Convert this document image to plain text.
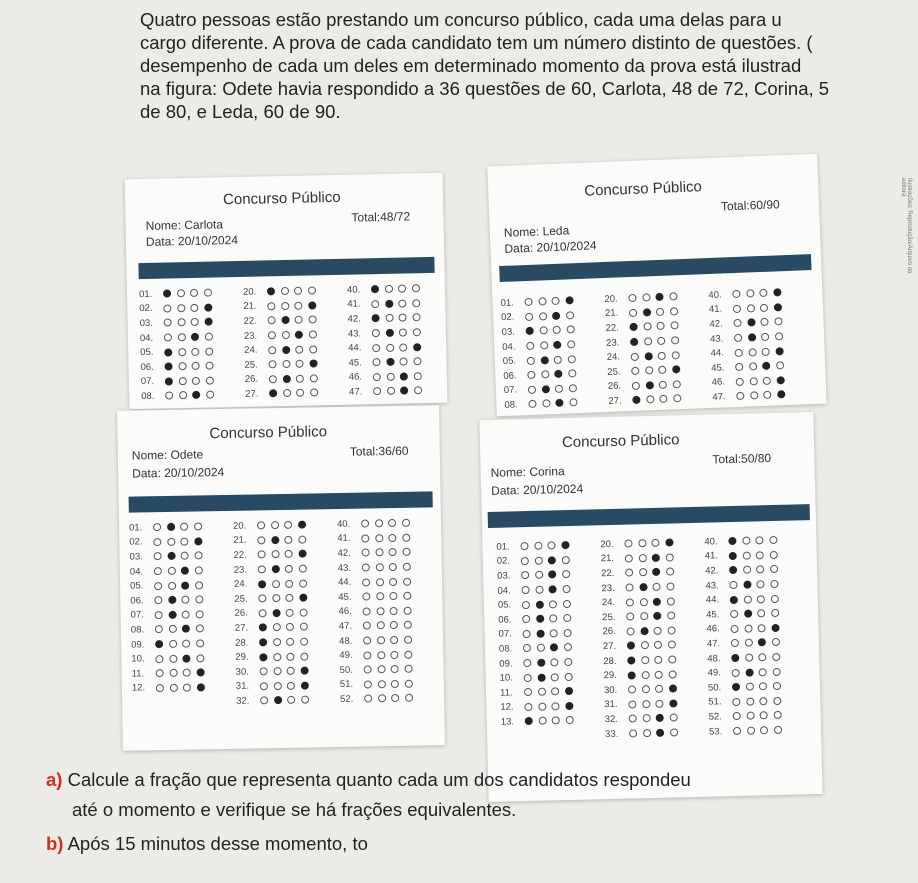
Quatro pessoas estão prestando um concurso público, cada uma delas para u

cargo diferente. A prova de cada candidato tem um número distinto de questões. (

desempenho de cada um deles em determinado momento da prova está ilustrad

na figura: Odete havia respondido a 36 questões de 60, Carlota, 48 de 72, Corina, 5

de 80, e Leda, 60 de 90.

Ilustrações: Reprodução/Arquivo da editora
Concurso Público
Nome: Carlota
Total:48/72
Data: 20/10/2024
01.
02.
03.
04.
05.
06.
07.
08.
20.
21.
22.
23.
24.
25.
26.
27.
40.
41.
42.
43.
44.
45.
46.
47.
Concurso Público
Total:60/90
Nome: Leda
Data: 20/10/2024
01.
02.
03.
04.
05.
06.
07.
08.
20.
21.
22.
23.
24.
25.
26.
27.
40.
41.
42.
43.
44.
45.
46.
47.
Concurso Público
Nome: Odete	Total:36/60
Data: 20/10/2024
01.
02.
03.
04.
05.
06.
07.
08.
09.
10.
11.
12.
20.
21.
22.
23.
24.
25.
26.
27.
28.
29.
30.
31.
32.
40.
41.
42.
43.
44.
45.
46.
47.
48.
49.
50.
51.
52.
Concurso Público
Nome: Corina
Total:50/80
Data: 20/10/2024
01.
02.
03.
04.
05.
06.
07.
08.
09.
10.
11.
12.
13.
20.
21.
22.
23.
24.
25.
26.
27.
28.
29.
30.
31.
32.
33.
40.
41.
42.
43.
44.
45.
46.
47.
48.
49.
50.
51.
52.
53.
a) Calcule a fração que representa quanto cada um dos candidatos respondeu
até o momento e verifique se há frações equivalentes.
b) Após 15 minutos desse momento, to
